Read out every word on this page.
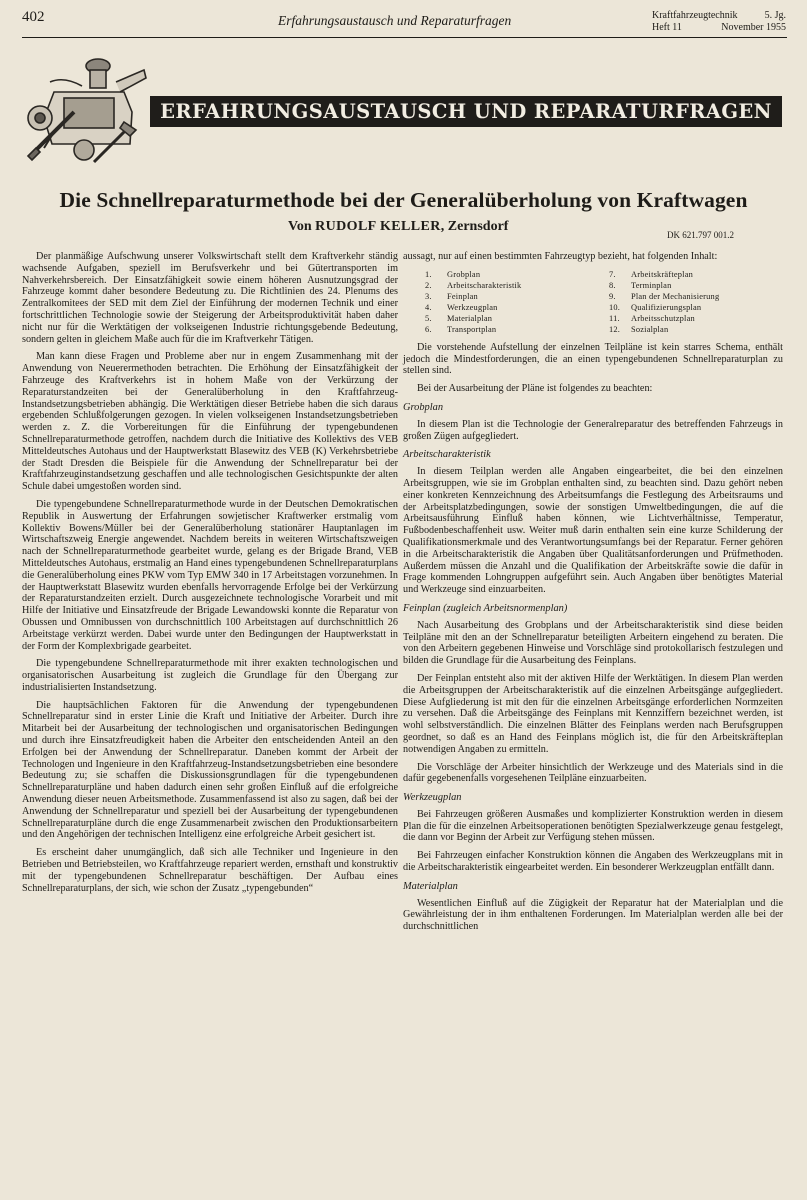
402	Erfahrungsaustausch und Reparaturfragen	Kraftfahrzeugtechnik	5. Jg.
Heft 11	November 1955
ERFAHRUNGSAUSTAUSCH UND REPARATURFRAGEN
Die Schnellreparaturmethode bei der Generalüberholung von Kraftwagen
Von RUDOLF KELLER, Zernsdorf
DK 621.797 001.2

Der planmäßige Aufschwung unserer Volkswirtschaft stellt dem Kraftverkehr ständig wachsende Aufgaben, speziell im Berufsverkehr und bei Gütertransporten im Nahverkehrsbereich. Der Einsatzfähigkeit sowie einem höheren Ausnutzungsgrad der Fahrzeuge kommt daher besondere Bedeutung zu. Die Richtlinien des 24. Plenums des Zentralkomitees der SED mit dem Ziel der Einführung der modernen Technik und einer fortschrittlichen Technologie sowie der Steigerung der Arbeitsproduktivität haben daher nicht nur für die Werktätigen der volkseigenen Industrie richtungsgebende Bedeutung, sondern gelten in gleichem Maße auch für die im Kraftverkehr Tätigen.

Man kann diese Fragen und Probleme aber nur in engem Zusammenhang mit der Anwendung von Neuerermethoden betrachten. Die Erhöhung der Einsatzfähigkeit der Fahrzeuge des Kraftverkehrs ist in hohem Maße von der Verkürzung der Reparaturstandzeiten bei der Generalüberholung in den Kraftfahrzeug-Instandsetzungsbetrieben abhängig. Die Werktätigen dieser Betriebe haben die sich daraus ergebenden Schlußfolgerungen gezogen. In vielen volkseigenen Instandsetzungsbetrieben werden z. Z. die Vorbereitungen für die Einführung der typengebundenen Schnellreparaturmethode getroffen, nachdem durch die Initiative des Kollektivs des VEB Mitteldeutsches Autohaus und der Hauptwerkstatt Blasewitz des VEB (K) Verkehrsbetriebe der Stadt Dresden die Beispiele für die Anwendung der Schnellreparatur bei der Kraftfahrzeuginstandsetzung geschaffen und alle technologischen Gesichtspunkte der alten Schule dabei umgestoßen worden sind.

Die typengebundene Schnellreparaturmethode wurde in der Deutschen Demokratischen Republik in Auswertung der Erfahrungen sowjetischer Kraftwerker erstmalig vom Kollektiv Bowens/Müller bei der Generalüberholung stationärer Hauptanlagen im Wirtschaftszweig Energie angewendet. Nachdem bereits in weiteren Wirtschaftszweigen nach der Schnellreparaturmethode gearbeitet wurde, gelang es der Brigade Brand, VEB Mitteldeutsches Autohaus, erstmalig an Hand eines typengebundenen Schnellreparaturplans die Generalüberholung eines PKW vom Typ EMW 340 in 17 Arbeitstagen vorzunehmen. In der Hauptwerkstatt Blasewitz wurden ebenfalls hervorragende Erfolge bei der Verkürzung der Reparaturstandzeiten erzielt. Durch ausgezeichnete technologische Vorarbeit und mit Hilfe der Initiative und Einsatzfreude der Brigade Lewandowski konnte die Reparatur von Obussen und Omnibussen von durchschnittlich 100 Arbeitstagen auf durchschnittlich 26 Arbeitstage verkürzt werden. Dabei wurde unter den Bedingungen der Hauptwerkstatt in der Form der Komplexbrigade gearbeitet.

Die typengebundene Schnellreparaturmethode mit ihrer exakten technologischen und organisatorischen Ausarbeitung ist zugleich die Grundlage für den Übergang zur industrialisierten Instandsetzung.

Die hauptsächlichen Faktoren für die Anwendung der typengebundenen Schnellreparatur sind in erster Linie die Kraft und Initiative der Arbeiter. Durch ihre Mitarbeit bei der Ausarbeitung der technologischen und organisatorischen Bedingungen und durch ihre Einsatzfreudigkeit haben die Arbeiter den entscheidenden Anteil an den Erfolgen bei der Anwendung der Schnellreparatur. Daneben kommt der Arbeit der Technologen und Ingenieure in den Kraftfahrzeug-Instandsetzungsbetrieben eine besondere Bedeutung zu; sie schaffen die Diskussionsgrundlagen für die typengebundenen Schnellreparaturpläne und haben dadurch einen sehr großen Einfluß auf die erfolgreiche Anwendung dieser neuen Arbeitsmethode. Zusammenfassend ist also zu sagen, daß bei der Anwendung der Schnellreparatur und speziell bei der Ausarbeitung der typengebundenen Schnellreparaturpläne durch die enge Zusammenarbeit zwischen den Produktionsarbeitern und den Angehörigen der technischen Intelligenz eine erfolgreiche Arbeit gesichert ist.

Es erscheint daher unumgänglich, daß sich alle Techniker und Ingenieure in den Betrieben und Betriebsteilen, wo Kraftfahrzeuge repariert werden, ernsthaft und konstruktiv mit der typengebundenen Schnellreparatur beschäftigen. Der Aufbau eines Schnellreparaturplans, der sich, wie schon der Zusatz „typengebunden“

aussagt, nur auf einen bestimmten Fahrzeugtyp bezieht, hat folgenden Inhalt:

1. Grobplan	7. Arbeitskräfteplan
2. Arbeitscharakteristik	8. Terminplan
3. Feinplan	9. Plan der Mechanisierung
4. Werkzeugplan	10. Qualifizierungsplan
5. Materialplan	11. Arbeitsschutzplan
6. Transportplan	12. Sozialplan

Die vorstehende Aufstellung der einzelnen Teilpläne ist kein starres Schema, enthält jedoch die Mindestforderungen, die an einen typengebundenen Schnellreparaturplan zu stellen sind.

Bei der Ausarbeitung der Pläne ist folgendes zu beachten:

Grobplan

In diesem Plan ist die Technologie der Generalreparatur des betreffenden Fahrzeugs in großen Zügen aufgegliedert.

Arbeitscharakteristik

In diesem Teilplan werden alle Angaben eingearbeitet, die bei den einzelnen Arbeitsgruppen, wie sie im Grobplan enthalten sind, zu beachten sind. Dazu gehört neben einer konkreten Kennzeichnung des Arbeitsumfangs die Festlegung des Arbeitsraums und der Arbeitsplatzbedingungen, sowie der sonstigen Umweltbedingungen, die auf die Arbeitsausführung Einfluß haben können, wie Lichtverhältnisse, Temperatur, Fußbodenbeschaffenheit usw. Weiter muß darin enthalten sein eine kurze Schilderung der Qualifikationsmerkmale und des Verantwortungsumfangs bei der Reparatur. Ferner gehören in die Arbeitscharakteristik die Angaben über Qualitätsanforderungen und Prüfmethoden. Außerdem müssen die Anzahl und die Qualifikation der Arbeitskräfte sowie die dafür in Frage kommenden Lohngruppen aufgeführt sein. Auch Angaben über benötigtes Material und Werkzeuge sind einzuarbeiten.

Feinplan (zugleich Arbeitsnormenplan)

Nach Ausarbeitung des Grobplans und der Arbeitscharakteristik sind diese beiden Teilpläne mit den an der Schnellreparatur beteiligten Arbeitern eingehend zu beraten. Die von den Arbeitern gegebenen Hinweise und Vorschläge sind protokollarisch festzulegen und bilden die Grundlage für die Ausarbeitung des Feinplans.

Der Feinplan entsteht also mit der aktiven Hilfe der Werktätigen. In diesem Plan werden die Arbeitsgruppen der Arbeitscharakteristik auf die einzelnen Arbeitsgänge aufgegliedert. Diese Aufgliederung ist mit den für die einzelnen Arbeitsgänge erforderlichen Normzeiten zu versehen. Daß die Arbeitsgänge des Feinplans mit Kennziffern bezeichnet werden, ist wohl selbstverständlich. Die einzelnen Blätter des Feinplans werden nach Berufsgruppen geordnet, so daß es an Hand des Feinplans möglich ist, die für den Arbeitskräfteplan notwendigen Angaben zu ermitteln.

Die Vorschläge der Arbeiter hinsichtlich der Werkzeuge und des Materials sind in die dafür gegebenenfalls vorgesehenen Teilpläne einzuarbeiten.

Werkzeugplan

Bei Fahrzeugen größeren Ausmaßes und komplizierter Konstruktion werden in diesem Plan die für die einzelnen Arbeitsoperationen benötigten Spezialwerkzeuge genau festgelegt, die dann vor Beginn der Arbeit zur Verfügung stehen müssen.

Bei Fahrzeugen einfacher Konstruktion können die Angaben des Werkzeugplans mit in die Arbeitscharakteristik eingearbeitet werden. Ein besonderer Werkzeugplan entfällt dann.

Materialplan

Wesentlichen Einfluß auf die Zügigkeit der Reparatur hat der Materialplan und die Gewährleistung der in ihm enthaltenen Forderungen. Im Materialplan werden alle bei der durchschnittlichen
